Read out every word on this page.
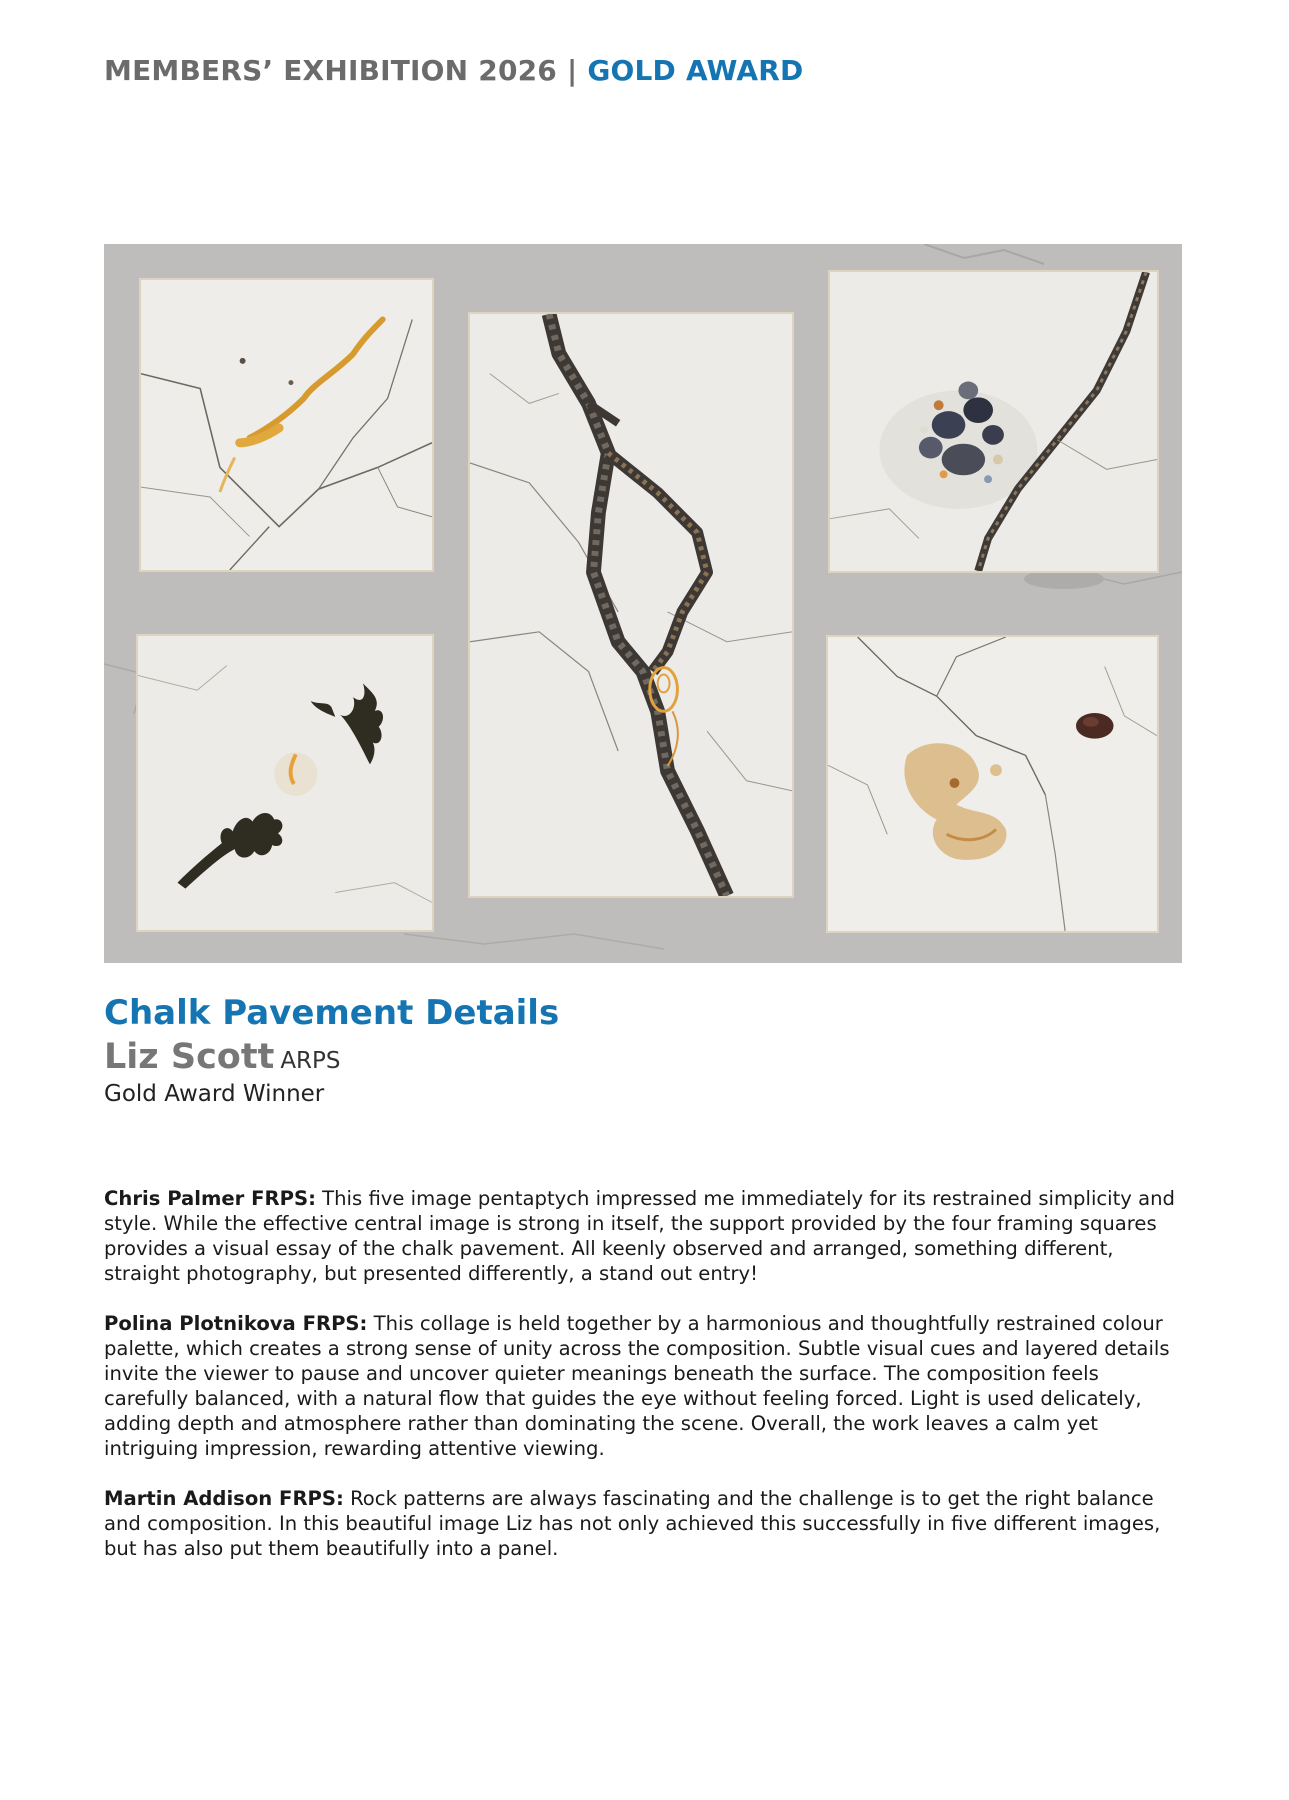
MEMBERS’ EXHIBITION 2026 | GOLD AWARD
Chalk Pavement Details
Liz Scott ARPS
Gold Award Winner

Chris Palmer FRPS: This five image pentaptych impressed me immediately for its restrained simplicity and style. While the effective central image is strong in itself, the support provided by the four framing squares provides a visual essay of the chalk pavement. All keenly observed and arranged, something different, straight photography, but presented differently, a stand out entry!

Polina Plotnikova FRPS: This collage is held together by a harmonious and thoughtfully restrained colour palette, which creates a strong sense of unity across the composition. Subtle visual cues and layered details invite the viewer to pause and uncover quieter meanings beneath the surface. The composition feels carefully balanced, with a natural flow that guides the eye without feeling forced. Light is used delicately, adding depth and atmosphere rather than dominating the scene. Overall, the work leaves a calm yet intriguing impression, rewarding attentive viewing.

Martin Addison FRPS: Rock patterns are always fascinating and the challenge is to get the right balance and composition. In this beautiful image Liz has not only achieved this successfully in five different images, but has also put them beautifully into a panel.
